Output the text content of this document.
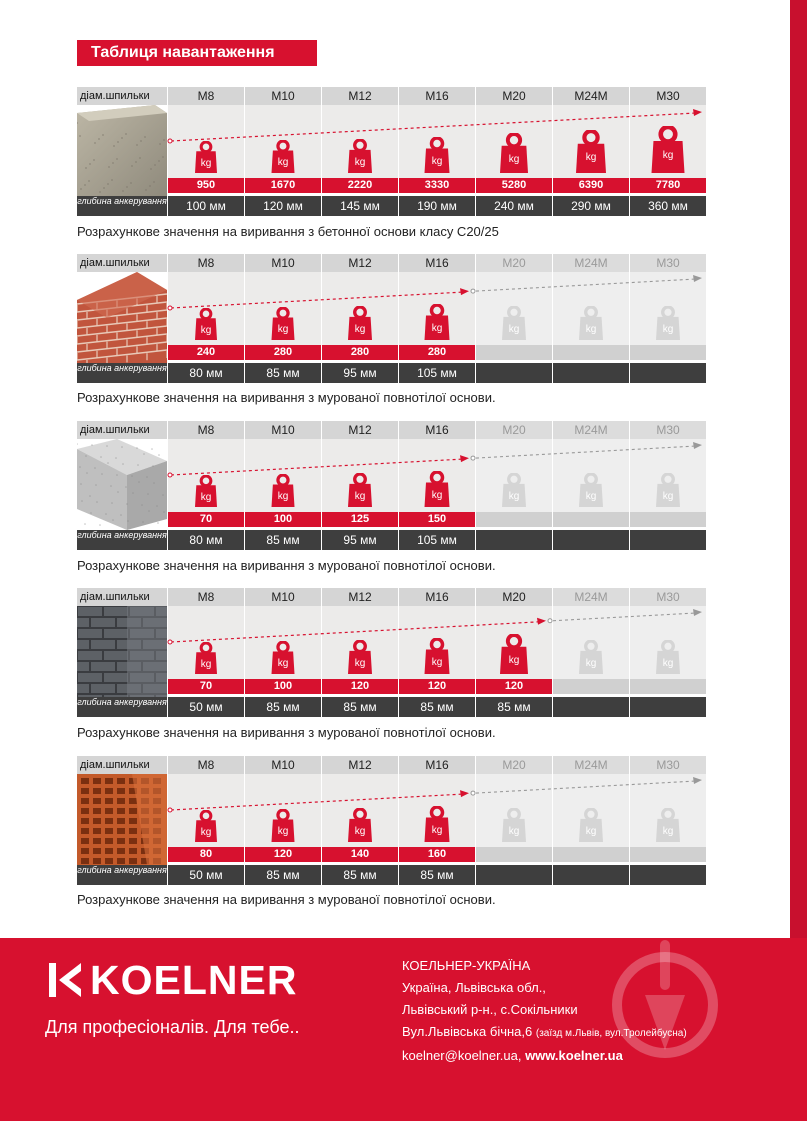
Таблиця навантаження
діам.шпильки
глибина анкерування
M8
kg
950
100 мм
M10
kg
1670
120 мм
M12
kg
2220
145 мм
M16
kg
3330
190 мм
M20
kg
5280
240 мм
M24M
kg
6390
290 мм
M30
kg
7780
360 мм
Розрахункове значення на виривання з бетонної основи класу С20/25
діам.шпильки
глибина анкерування
M8
kg
240
80 мм
M10
kg
280
85 мм
M12
kg
280
95 мм
M16
kg
280
105 мм
M20
kg
M24M
kg
M30
kg
Розрахункове значення на виривання з мурованої повнотілої основи.
діам.шпильки
глибина анкерування
M8
kg
70
80 мм
M10
kg
100
85 мм
M12
kg
125
95 мм
M16
kg
150
105 мм
M20
kg
M24M
kg
M30
kg
Розрахункове значення на виривання з мурованої повнотілої основи.
діам.шпильки
глибина анкерування
M8
kg
70
50 мм
M10
kg
100
85 мм
M12
kg
120
85 мм
M16
kg
120
85 мм
M20
kg
120
85 мм
M24M
kg
M30
kg
Розрахункове значення на виривання з мурованої повнотілої основи.
діам.шпильки
глибина анкерування
M8
kg
80
50 мм
M10
kg
120
85 мм
M12
kg
140
85 мм
M16
kg
160
85 мм
M20
kg
M24M
kg
M30
kg
Розрахункове значення на виривання з мурованої повнотілої основи.
KOELNER
Для професіоналів. Для тебе..
КОЕЛЬНЕР-УКРАЇНА
Україна, Львівська обл.,
Львівський р-н., с.Сокільники
Вул.Львівська бічна,6 (заїзд м.Львів, вул.Тролейбусна)
koelner@koelner.ua, www.koelner.ua
